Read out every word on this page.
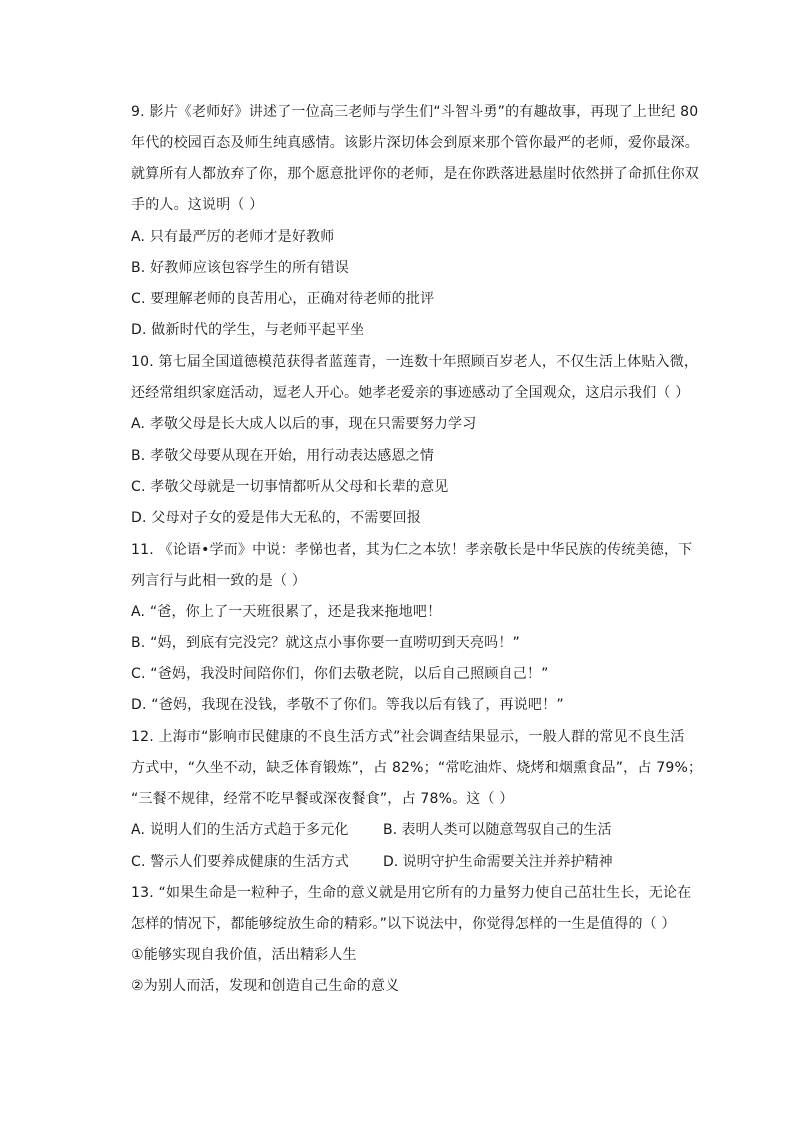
9. 影片《老师好》讲述了一位高三老师与学生们“斗智斗勇”的有趣故事，再现了上世纪 80
年代的校园百态及师生纯真感情。该影片深切体会到原来那个管你最严的老师，爱你最深。
就算所有人都放弃了你，那个愿意批评你的老师，是在你跌落进悬崖时依然拼了命抓住你双
手的人。这说明（ ）
A. 只有最严厉的老师才是好教师
B. 好教师应该包容学生的所有错误
C. 要理解老师的良苦用心，正确对待老师的批评
D. 做新时代的学生，与老师平起平坐
10. 第七届全国道德模范获得者蓝莲青，一连数十年照顾百岁老人，不仅生活上体贴入微，
还经常组织家庭活动，逗老人开心。她孝老爱亲的事迹感动了全国观众，这启示我们（ ）
A. 孝敬父母是长大成人以后的事，现在只需要努力学习
B. 孝敬父母要从现在开始，用行动表达感恩之情
C. 孝敬父母就是一切事情都听从父母和长辈的意见
D. 父母对子女的爱是伟大无私的，不需要回报
11. 《论语•学而》中说：孝悌也者，其为仁之本欤！孝亲敬长是中华民族的传统美德，下
列言行与此相一致的是（ ）
A. “爸，你上了一天班很累了，还是我来拖地吧！
B. “妈，到底有完没完？就这点小事你要一直唠叨到天亮吗！”
C. “爸妈，我没时间陪你们，你们去敬老院，以后自己照顾自己！”
D. “爸妈，我现在没钱，孝敬不了你们。等我以后有钱了，再说吧！”
12. 上海市“影响市民健康的不良生活方式”社会调查结果显示，一般人群的常见不良生活
方式中，“久坐不动，缺乏体育锻炼”，占 82%；“常吃油炸、烧烤和烟熏食品”，占 79%；
“三餐不规律，经常不吃早餐或深夜餐食”，占 78%。这（ ）
A. 说明人们的生活方式趋于多元化 B. 表明人类可以随意驾驭自己的生活
C. 警示人们要养成健康的生活方式 D. 说明守护生命需要关注并养护精神
13. “如果生命是一粒种子，生命的意义就是用它所有的力量努力使自己茁壮生长，无论在
怎样的情况下，都能够绽放生命的精彩。”以下说法中，你觉得怎样的一生是值得的（ ）
①能够实现自我价值，活出精彩人生
②为别人而活，发现和创造自己生命的意义
